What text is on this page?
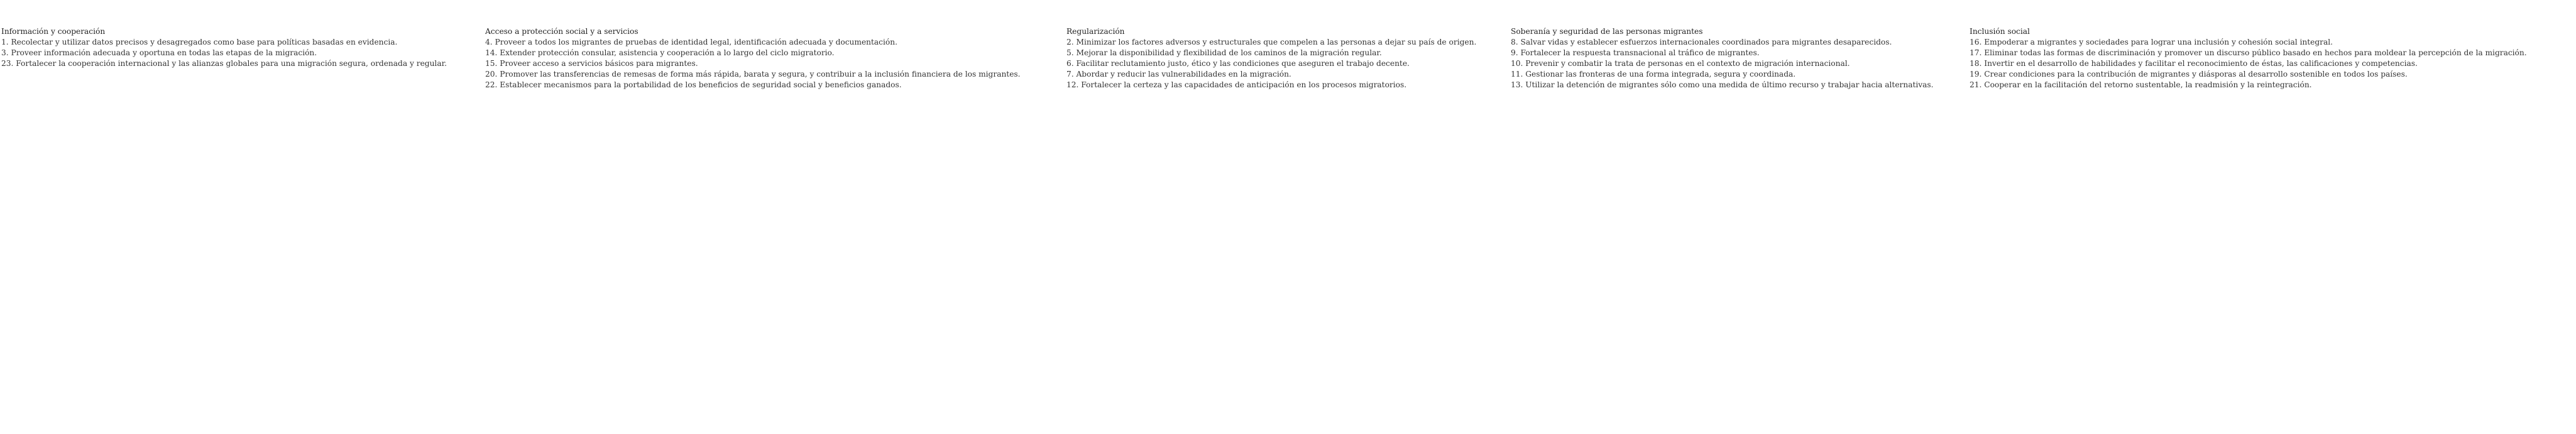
Información y cooperación
1. Recolectar y utilizar datos precisos y desagregados como base para políticas basadas en evidencia.
3. Proveer información adecuada y oportuna en todas las etapas de la migración.
23. Fortalecer la cooperación internacional y las alianzas globales para una migración segura, ordenada y regular.
Acceso a protección social y a servicios
4. Proveer a todos los migrantes de pruebas de identidad legal, identificación adecuada y documentación.
14. Extender protección consular, asistencia y cooperación a lo largo del ciclo migratorio.
15. Proveer acceso a servicios básicos para migrantes.
20. Promover las transferencias de remesas de forma más rápida, barata y segura, y contribuir a la inclusión financiera de los migrantes.
22. Establecer mecanismos para la portabilidad de los beneficios de seguridad social y beneficios ganados.
Regularización
2. Minimizar los factores adversos y estructurales que compelen a las personas a dejar su país de origen.
5. Mejorar la disponibilidad y flexibilidad de los caminos de la migración regular.
6. Facilitar reclutamiento justo, ético y las condiciones que aseguren el trabajo decente.
7. Abordar y reducir las vulnerabilidades en la migración.
12. Fortalecer la certeza y las capacidades de anticipación en los procesos migratorios.
Soberanía y seguridad de las personas migrantes
8. Salvar vidas y establecer esfuerzos internacionales coordinados para migrantes desaparecidos.
9. Fortalecer la respuesta transnacional al tráfico de migrantes.
10. Prevenir y combatir la trata de personas en el contexto de migración internacional.
11. Gestionar las fronteras de una forma integrada, segura y coordinada.
13. Utilizar la detención de migrantes sólo como una medida de último recurso y trabajar hacia alternativas.
Inclusión social
16. Empoderar a migrantes y sociedades para lograr una inclusión y cohesión social integral.
17. Eliminar todas las formas de discriminación y promover un discurso público basado en hechos para moldear la percepción de la migración.
18. Invertir en el desarrollo de habilidades y facilitar el reconocimiento de éstas, las calificaciones y competencias.
19. Crear condiciones para la contribución de migrantes y diásporas al desarrollo sostenible en todos los países.
21. Cooperar en la facilitación del retorno sustentable, la readmisión y la reintegración.
